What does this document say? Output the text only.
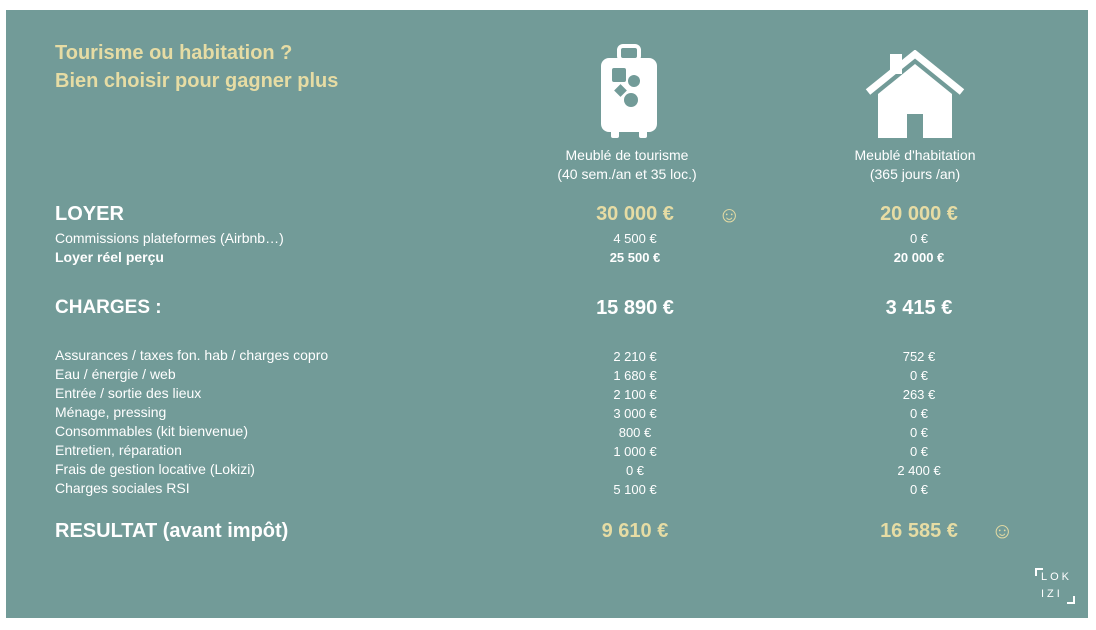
Tourisme ou habitation ?
Bien choisir pour gagner plus
Meublé de tourisme
(40 sem./an et 35 loc.)
Meublé d'habitation
(365 jours /an)
LOYER	30 000 €	☺	20 000 €
Commissions plateformes (Airbnb…)	4 500 €	0 €
Loyer réel perçu	25 500 €	20 000 €
CHARGES :	15 890 €	3 415 €
Assurances / taxes fon. hab / charges copro	2 210 €	752 €
Eau / énergie / web	1 680 €	0 €
Entrée / sortie des lieux	2 100 €	263 €
Ménage, pressing	3 000 €	0 €
Consommables (kit bienvenue)	800 €	0 €
Entretien, réparation	1 000 €	0 €
Frais de gestion locative (Lokizi)	0 €	2 400 €
Charges sociales RSI	5 100 €	0 €
RESULTAT (avant impôt)	9 610 €	16 585 €	☺
LOK
IZI
